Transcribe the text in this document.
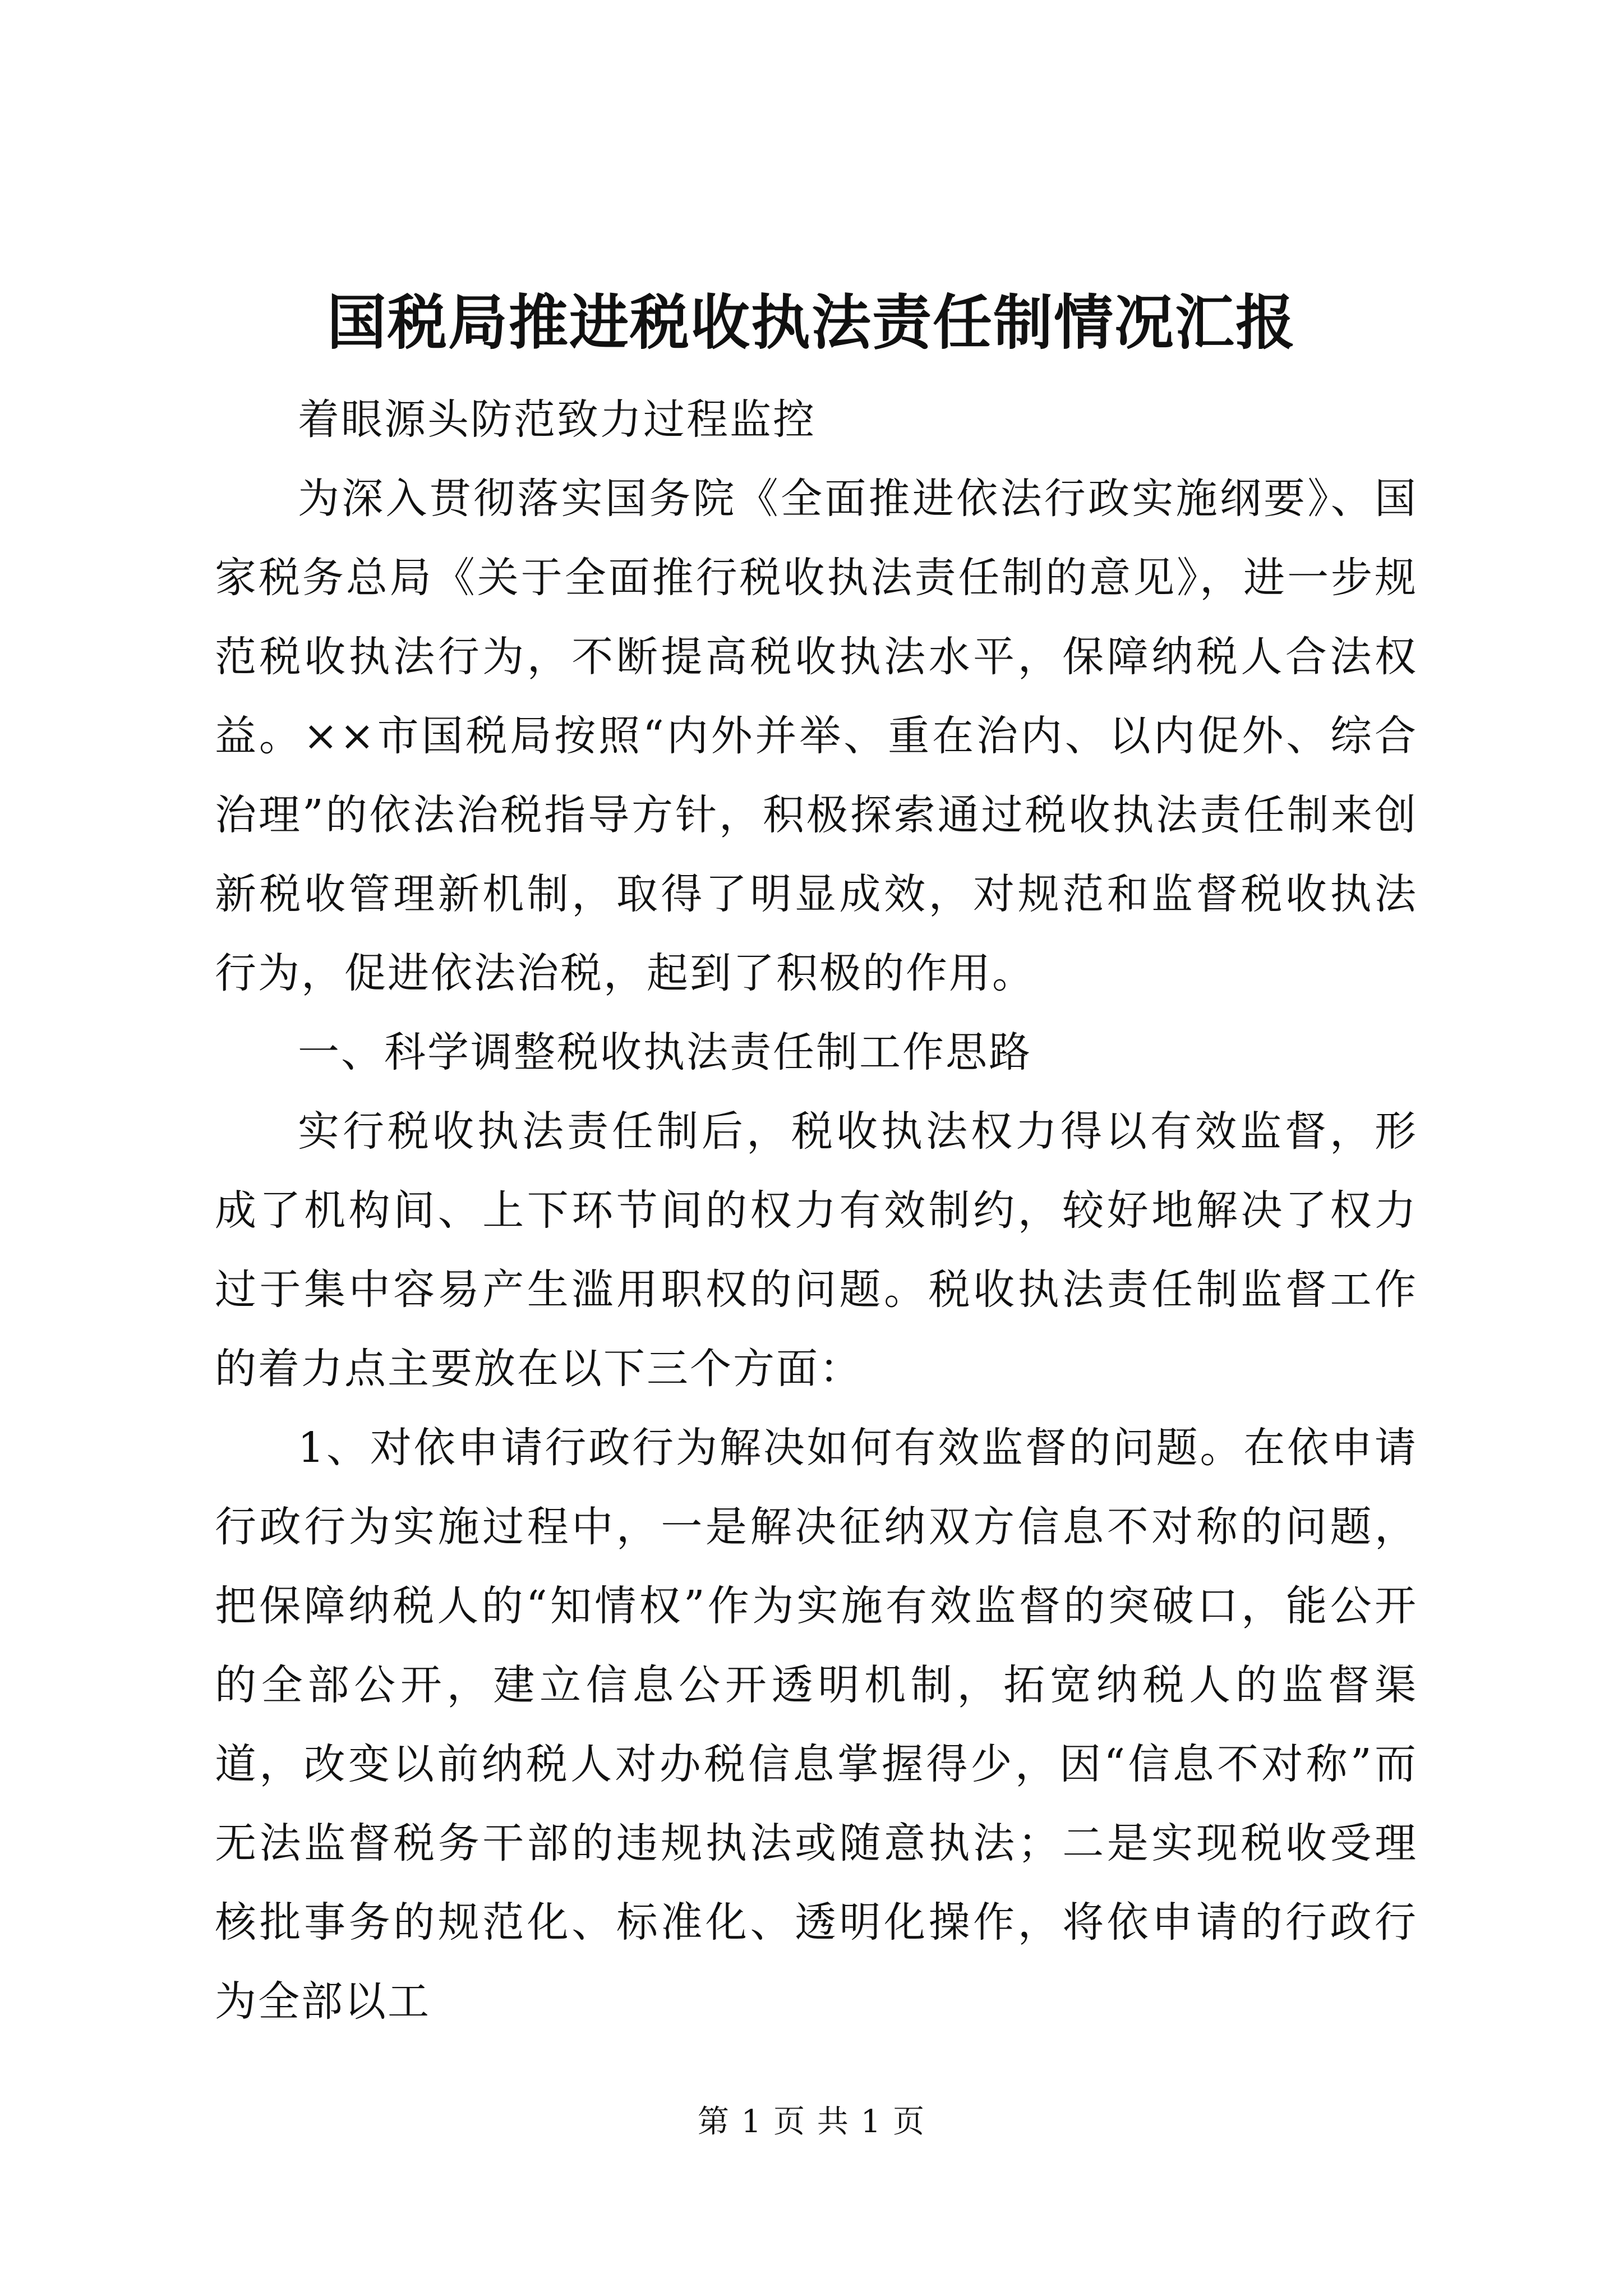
国税局推进税收执法责任制情况汇报

着眼源头防范致力过程监控

为深入贯彻落实国务院《全面推进依法行政实施纲要》、国家税务总局《关于全面推行税收执法责任制的意见》，进一步规范税收执法行为，不断提高税收执法水平，保障纳税人合法权益。××市国税局按照“内外并举、重在治内、以内促外、综合治理”的依法治税指导方针，积极探索通过税收执法责任制来创新税收管理新机制，取得了明显成效，对规范和监督税收执法行为，促进依法治税，起到了积极的作用。

一、科学调整税收执法责任制工作思路

实行税收执法责任制后，税收执法权力得以有效监督，形成了机构间、上下环节间的权力有效制约，较好地解决了权力过于集中容易产生滥用职权的问题。税收执法责任制监督工作的着力点主要放在以下三个方面：

1、对依申请行政行为解决如何有效监督的问题。在依申请行政行为实施过程中，一是解决征纳双方信息不对称的问题，把保障纳税人的“知情权”作为实施有效监督的突破口，能公开的全部公开，建立信息公开透明机制，拓宽纳税人的监督渠道，改变以前纳税人对办税信息掌握得少，因“信息不对称”而无法监督税务干部的违规执法或随意执法；二是实现税收受理核批事务的规范化、标准化、透明化操作，将依申请的行政行为全部以工

第 1 页 共 1 页
